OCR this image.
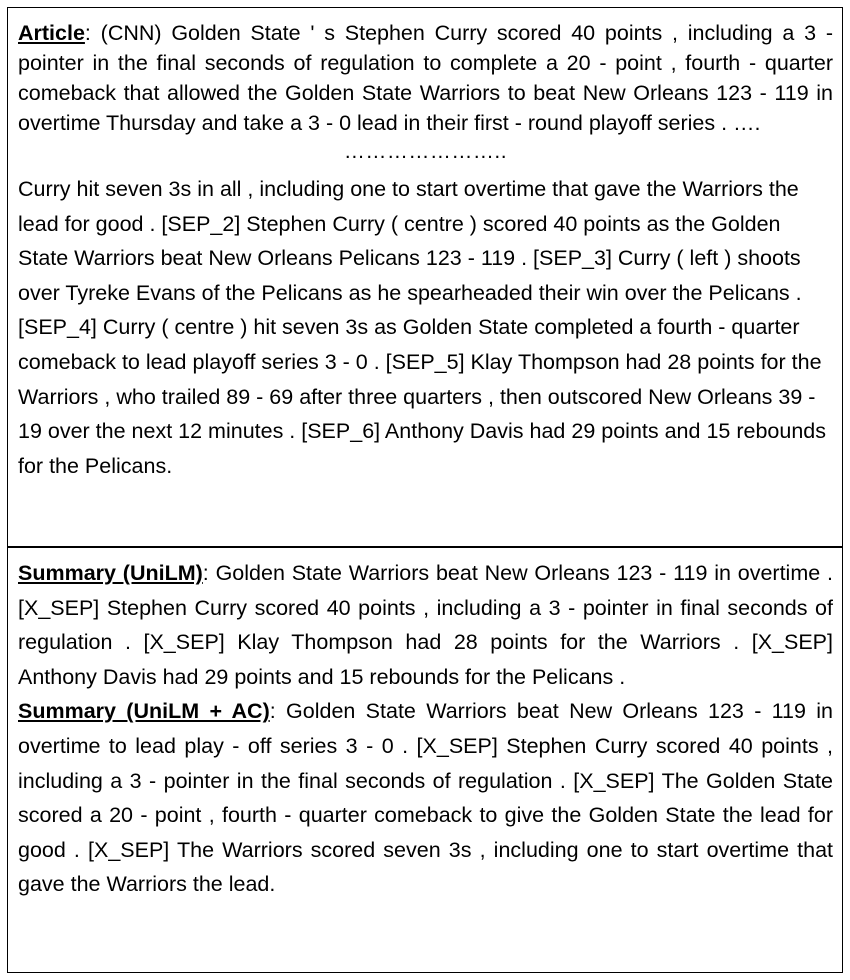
Article: (CNN) Golden State ' s Stephen Curry scored 40 points , including a 3 - pointer in the final seconds of regulation to complete a 20 - point , fourth - quarter comeback that allowed the Golden State Warriors to beat New Orleans 123 - 119 in overtime Thursday and take a 3 - 0 lead in their first - round playoff series . ….

…………………..

Curry hit seven 3s in all , including one to start overtime that gave the Warriors the lead for good . [SEP_2] Stephen Curry ( centre ) scored 40 points as the Golden State Warriors beat New Orleans Pelicans 123 - 119 . [SEP_3] Curry ( left ) shoots over Tyreke Evans of the Pelicans as he spearheaded their win over the Pelicans . [SEP_4] Curry ( centre ) hit seven 3s as Golden State completed a fourth - quarter comeback to lead playoff series 3 - 0 . [SEP_5] Klay Thompson had 28 points for the Warriors , who trailed 89 - 69 after three quarters , then outscored New Orleans 39 - 19 over the next 12 minutes . [SEP_6] Anthony Davis had 29 points and 15 rebounds for the Pelicans.

Summary (UniLM): Golden State Warriors beat New Orleans 123 - 119 in overtime . [X_SEP] Stephen Curry scored 40 points , including a 3 - pointer in final seconds of regulation . [X_SEP] Klay Thompson had 28 points for the Warriors . [X_SEP] Anthony Davis had 29 points and 15 rebounds for the Pelicans .

Summary (UniLM + AC): Golden State Warriors beat New Orleans 123 - 119 in overtime to lead play - off series 3 - 0 . [X_SEP] Stephen Curry scored 40 points , including a 3 - pointer in the final seconds of regulation . [X_SEP] The Golden State scored a 20 - point , fourth - quarter comeback to give the Golden State the lead for good . [X_SEP] The Warriors scored seven 3s , including one to start overtime that gave the Warriors the lead.
